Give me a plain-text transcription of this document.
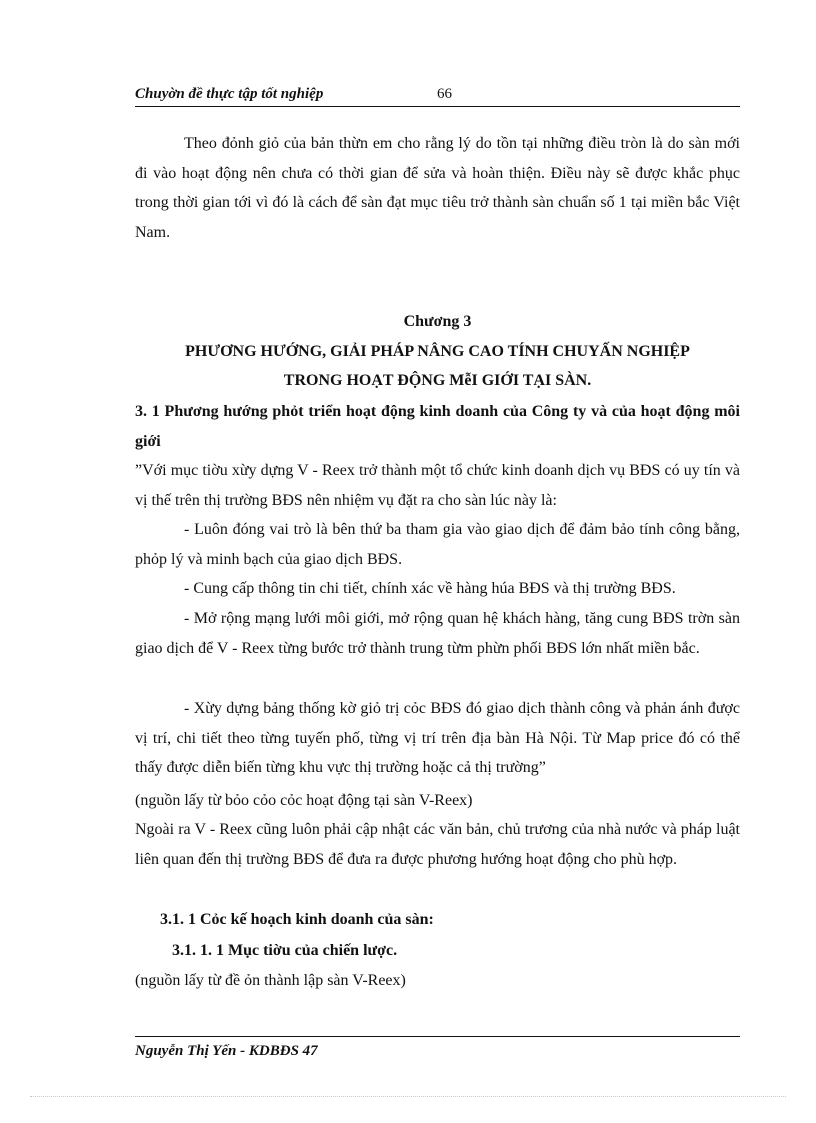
Chuyờn đề thực tập tốt nghiệp	66

Theo đỏnh giỏ của bản thừn em cho rằng lý do tồn tại những điều tròn là do sàn mới đi vào hoạt động nên chưa có thời gian để sửa và hoàn thiện. Điều này sẽ được khắc phục trong thời gian tới vì đó là cách để sàn đạt mục tiêu trở thành sàn chuẩn số 1 tại miền bắc Việt Nam.

Chương 3

PHƯƠNG HƯỚNG, GIẢI PHÁP NÂNG CAO TÍNH CHUYẤN NGHIỆP

TRONG HOẠT ĐỘNG MễI GIỚI TẠI SÀN.

3. 1 Phương hướng phỏt triển hoạt động kinh doanh của Công ty và của hoạt động môi giới

”Với mục tiờu xừy dựng V - Reex trở thành một tổ chức kinh doanh dịch vụ BĐS có uy tín và vị thế trên thị trường BĐS nên nhiệm vụ đặt ra cho sàn lúc này là:

- Luôn đóng vai trò là bên thứ ba tham gia vào giao dịch để đảm bảo tính công bằng, phỏp lý và minh bạch của giao dịch BĐS.

- Cung cấp thông tin chi tiết, chính xác về hàng húa BĐS và thị trường BĐS.

- Mở rộng mạng lưới môi giới, mở rộng quan hệ khách hàng, tăng cung BĐS trờn sàn giao dịch để V - Reex từng bước trở thành trung từm phừn phối BĐS lớn nhất miền bắc.

- Xừy dựng bảng thống kờ giỏ trị cỏc BĐS đó giao dịch thành công và phản ánh được vị trí, chi tiết theo từng tuyến phố, từng vị trí trên địa bàn Hà Nội. Từ Map price đó có thể thấy được diễn biến từng khu vực thị trường hoặc cả thị trường”

(nguồn lấy từ bỏo cỏo cỏc hoạt động tại sàn V-Reex)

Ngoài ra V - Reex cũng luôn phải cập nhật các văn bản, chủ trương của nhà nước và pháp luật liên quan đến thị trường BĐS để đưa ra được phương hướng hoạt động cho phù hợp.

3.1. 1 Cỏc kế hoạch kinh doanh của sàn:

3.1. 1. 1 Mục tiờu của chiến lược.

(nguồn lấy từ đề ỏn thành lập sàn V-Reex)

Nguyễn Thị Yến - KDBĐS 47
